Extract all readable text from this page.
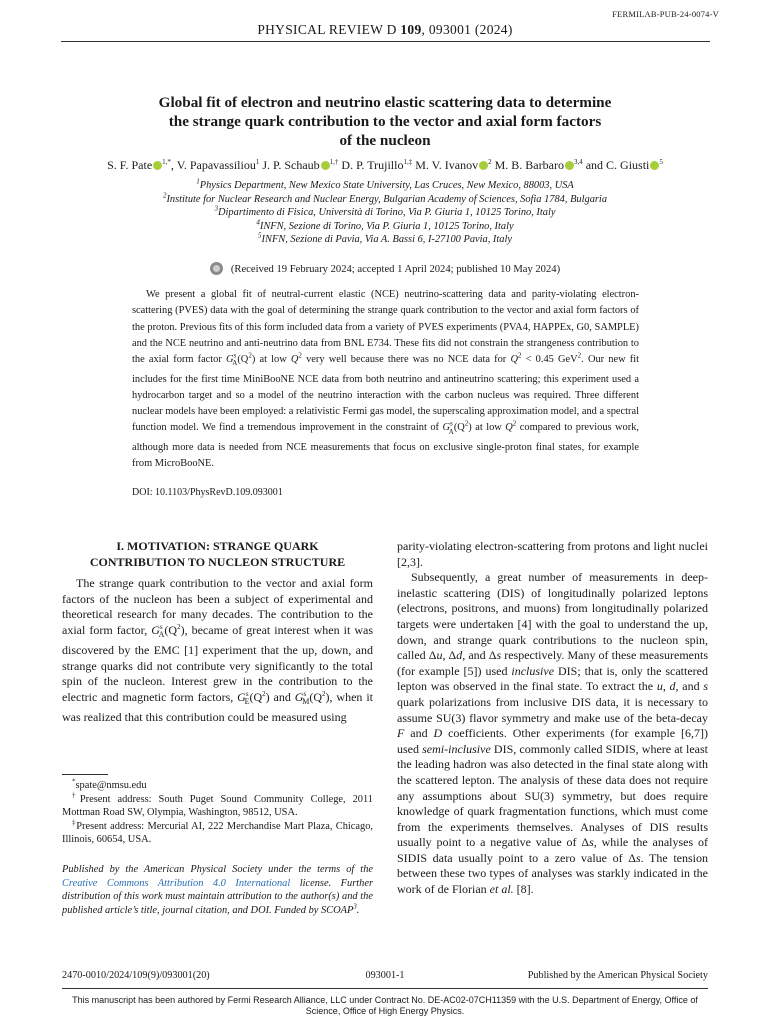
FERMILAB-PUB-24-0074-V
PHYSICAL REVIEW D 109, 093001 (2024)
Global fit of electron and neutrino elastic scattering data to determine
the strange quark contribution to the vector and axial form factors
of the nucleon
S. F. Pate $^{1,*}$, V. Papavassiliou$^1$ J. P. Schaub $^{1,\dagger}$ D. P. Trujillo$^{1,\ddagger}$ M. V. Ivanov $^2$ M. B. Barbaro $^{3,4}$ and C. Giusti $^5$
$^1$Physics Department, New Mexico State University, Las Cruces, New Mexico, 88003, USA
$^2$Institute for Nuclear Research and Nuclear Energy, Bulgarian Academy of Sciences, Sofia 1784, Bulgaria
$^3$Dipartimento di Fisica, Università di Torino, Via P. Giuria 1, 10125 Torino, Italy
$^4$INFN, Sezione di Torino, Via P. Giuria 1, 10125 Torino, Italy
$^5$INFN, Sezione di Pavia, Via A. Bassi 6, I-27100 Pavia, Italy
(Received 19 February 2024; accepted 1 April 2024; published 10 May 2024)
We present a global fit of neutral-current elastic (NCE) neutrino-scattering data and parity-violating electron-scattering (PVES) data with the goal of determining the strange quark contribution to the vector and axial form factors of the proton. Previous fits of this form included data from a variety of PVES experiments (PVA4, HAPPEx, G0, SAMPLE) and the NCE neutrino and anti-neutrino data from BNL E734. These fits did not constrain the strangeness contribution to the axial form factor $G^s_A(Q^2)$ at low $Q^2$ very well because there was no NCE data for $Q^2 < 0.45$ GeV$^2$. Our new fit includes for the first time MiniBooNE NCE data from both neutrino and antineutrino scattering; this experiment used a hydrocarbon target and so a model of the neutrino interaction with the carbon nucleus was required. Three different nuclear models have been employed: a relativistic Fermi gas model, the superscaling approximation model, and a spectral function model. We find a tremendous improvement in the constraint of $G^s_A(Q^2)$ at low $Q^2$ compared to previous work, although more data is needed from NCE measurements that focus on exclusive single-proton final states, for example from MicroBooNE.
DOI: 10.1103/PhysRevD.109.093001
I. MOTIVATION: STRANGE QUARK
CONTRIBUTION TO NUCLEON STRUCTURE

The strange quark contribution to the vector and axial form factors of the nucleon has been a subject of experimental and theoretical research for many decades. The contribution to the axial form factor, $G^s_A(Q^2)$, became of great interest when it was discovered by the EMC [1] experiment that the up, down, and strange quarks did not contribute very significantly to the total spin of the nucleon. Interest grew in the contribution to the electric and magnetic form factors, $G^s_E(Q^2)$ and $G^s_M(Q^2)$, when it was realized that this contribution could be measured using

*spate@nmsu.edu

†Present address: South Puget Sound Community College, 2011 Mottman Road SW, Olympia, Washington, 98512, USA.

‡Present address: Mercurial AI, 222 Merchandise Mart Plaza, Chicago, Illinois, 60654, USA.

Published by the American Physical Society under the terms of the Creative Commons Attribution 4.0 International license. Further distribution of this work must maintain attribution to the author(s) and the published article’s title, journal citation, and DOI. Funded by SCOAP$^3$.

parity-violating electron-scattering from protons and light nuclei [2,3].

Subsequently, a great number of measurements in deep-inelastic scattering (DIS) of longitudinally polarized leptons (electrons, positrons, and muons) from longitudinally polarized targets were undertaken [4] with the goal to understand the up, down, and strange quark contributions to the nucleon spin, called Δu, Δd, and Δs respectively. Many of these measurements (for example [5]) used inclusive DIS; that is, only the scattered lepton was observed in the final state. To extract the u, d, and s quark polarizations from inclusive DIS data, it is necessary to assume SU(3) flavor symmetry and make use of the beta-decay F and D coefficients. Other experiments (for example [6,7]) used semi-inclusive DIS, commonly called SIDIS, where at least the leading hadron was also detected in the final state along with the scattered lepton. The analysis of these data does not require any assumptions about SU(3) symmetry, but does require knowledge of quark fragmentation functions, which must come from the experiments themselves. Analyses of DIS results usually point to a negative value of Δs, while the analyses of SIDIS data usually point to a zero value of Δs. The tension between these two types of analyses was starkly indicated in the work of de Florian et al. [8].

2470-0010/2024/109(9)/093001(20)	093001-1	Published by the American Physical Society
This manuscript has been authored by Fermi Research Alliance, LLC under Contract No. DE-AC02-07CH11359 with the U.S. Department of Energy, Office of Science, Office of High Energy Physics.
